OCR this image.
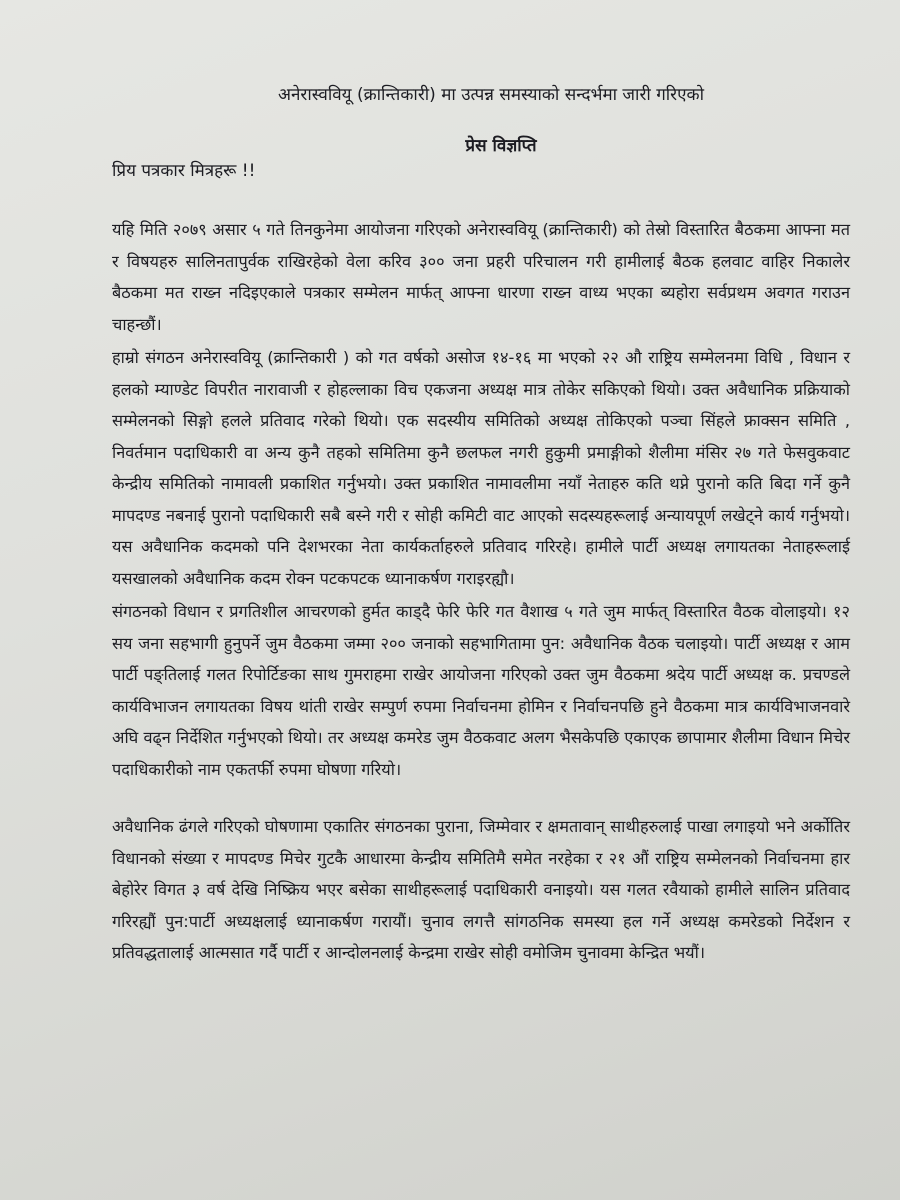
अनेरास्ववियू (क्रान्तिकारी) मा उत्पन्न समस्याको सन्दर्भमा जारी गरिएको

प्रेस विज्ञप्ति

प्रिय पत्रकार मित्रहरू !!

यहि मिति २०७९ असार ५ गते तिनकुनेमा आयोजना गरिएको अनेरास्ववियू (क्रान्तिकारी) को तेस्रो विस्तारित बैठकमा आफ्ना मत र विषयहरु सालिनतापुर्वक राखिरहेको वेला करिव ३०० जना प्रहरी परिचालन गरी हामीलाई बैठक हलवाट वाहिर निकालेर बैठकमा मत राख्न नदिइएकाले पत्रकार सम्मेलन मार्फत् आफ्ना धारणा राख्न वाध्य भएका ब्यहोरा सर्वप्रथम अवगत गराउन चाहन्छौं।

हाम्रो संगठन अनेरास्ववियू (क्रान्तिकारी ) को गत वर्षको असोज १४-१६ मा भएको २२ औ राष्ट्रिय सम्मेलनमा विधि , विधान र हलको म्याण्डेट विपरीत नारावाजी र होहल्लाका विच एकजना अध्यक्ष मात्र तोकेर सकिएको थियो। उक्त अवैधानिक प्रक्रियाको सम्मेलनको सिङ्गो हलले प्रतिवाद गरेको थियो। एक सदस्यीय समितिको अध्यक्ष तोकिएको पञ्चा सिंहले फ्राक्सन समिति , निवर्तमान पदाधिकारी वा अन्य कुनै तहको समितिमा कुनै छलफल नगरी हुकुमी प्रमाङ्गीको शैलीमा मंसिर २७ गते फेसवुकवाट केन्द्रीय समितिको नामावली प्रकाशित गर्नुभयो। उक्त प्रकाशित नामावलीमा नयाँ नेताहरु कति थप्ने पुरानो कति बिदा गर्ने कुनै मापदण्ड नबनाई पुरानो पदाधिकारी सबै बस्ने गरी र सोही कमिटी वाट आएको सदस्यहरूलाई अन्यायपूर्ण लखेट्ने कार्य गर्नुभयो। यस अवैधानिक कदमको पनि देशभरका नेता कार्यकर्ताहरुले प्रतिवाद गरिरहे। हामीले पार्टी अध्यक्ष लगायतका नेताहरूलाई यसखालको अवैधानिक कदम रोक्न पटकपटक ध्यानाकर्षण गराइरह्यौ।

संगठनको विधान र प्रगतिशील आचरणको हुर्मत काड्दै फेरि फेरि गत वैशाख ५ गते जुम मार्फत् विस्तारित वैठक वोलाइयो। १२ सय जना सहभागी हुनुपर्ने जुम वैठकमा जम्मा २०० जनाको सहभागितामा पुन: अवैधानिक वैठक चलाइयो। पार्टी अध्यक्ष र आम पार्टी पङ्तिलाई गलत रिपोर्टिङका साथ गुमराहमा राखेर आयोजना गरिएको उक्त जुम वैठकमा श्रदेय पार्टी अध्यक्ष क. प्रचण्डले कार्यविभाजन लगायतका विषय थांती राखेर सम्पुर्ण रुपमा निर्वाचनमा होमिन र निर्वाचनपछि हुने वैठकमा मात्र कार्यविभाजनवारे अघि वढ्न निर्देशित गर्नुभएको थियो। तर अध्यक्ष कमरेड जुम वैठकवाट अलग भैसकेपछि एकाएक छापामार शैलीमा विधान मिचेर पदाधिकारीको नाम एकतर्फी रुपमा घोषणा गरियो।

अवैधानिक ढंगले गरिएको घोषणामा एकातिर संगठनका पुराना, जिम्मेवार र क्षमतावान् साथीहरुलाई पाखा लगाइयो भने अर्कोतिर विधानको संख्या र मापदण्ड मिचेर गुटकै आधारमा केन्द्रीय समितिमै समेत नरहेका र २१ औं राष्ट्रिय सम्मेलनको निर्वाचनमा हार बेहोरेर विगत ३ वर्ष देखि निष्क्रिय भएर बसेका साथीहरूलाई पदाधिकारी वनाइयो। यस गलत रवैयाको हामीले सालिन प्रतिवाद गरिरह्यौं पुन:पार्टी अध्यक्षलाई ध्यानाकर्षण गरायौं। चुनाव लगत्तै सांगठनिक समस्या हल गर्ने अध्यक्ष कमरेडको निर्देशन र प्रतिवद्धतालाई आत्मसात गर्दै पार्टी र आन्दोलनलाई केन्द्रमा राखेर सोही वमोजिम चुनावमा केन्द्रित भयौं।
